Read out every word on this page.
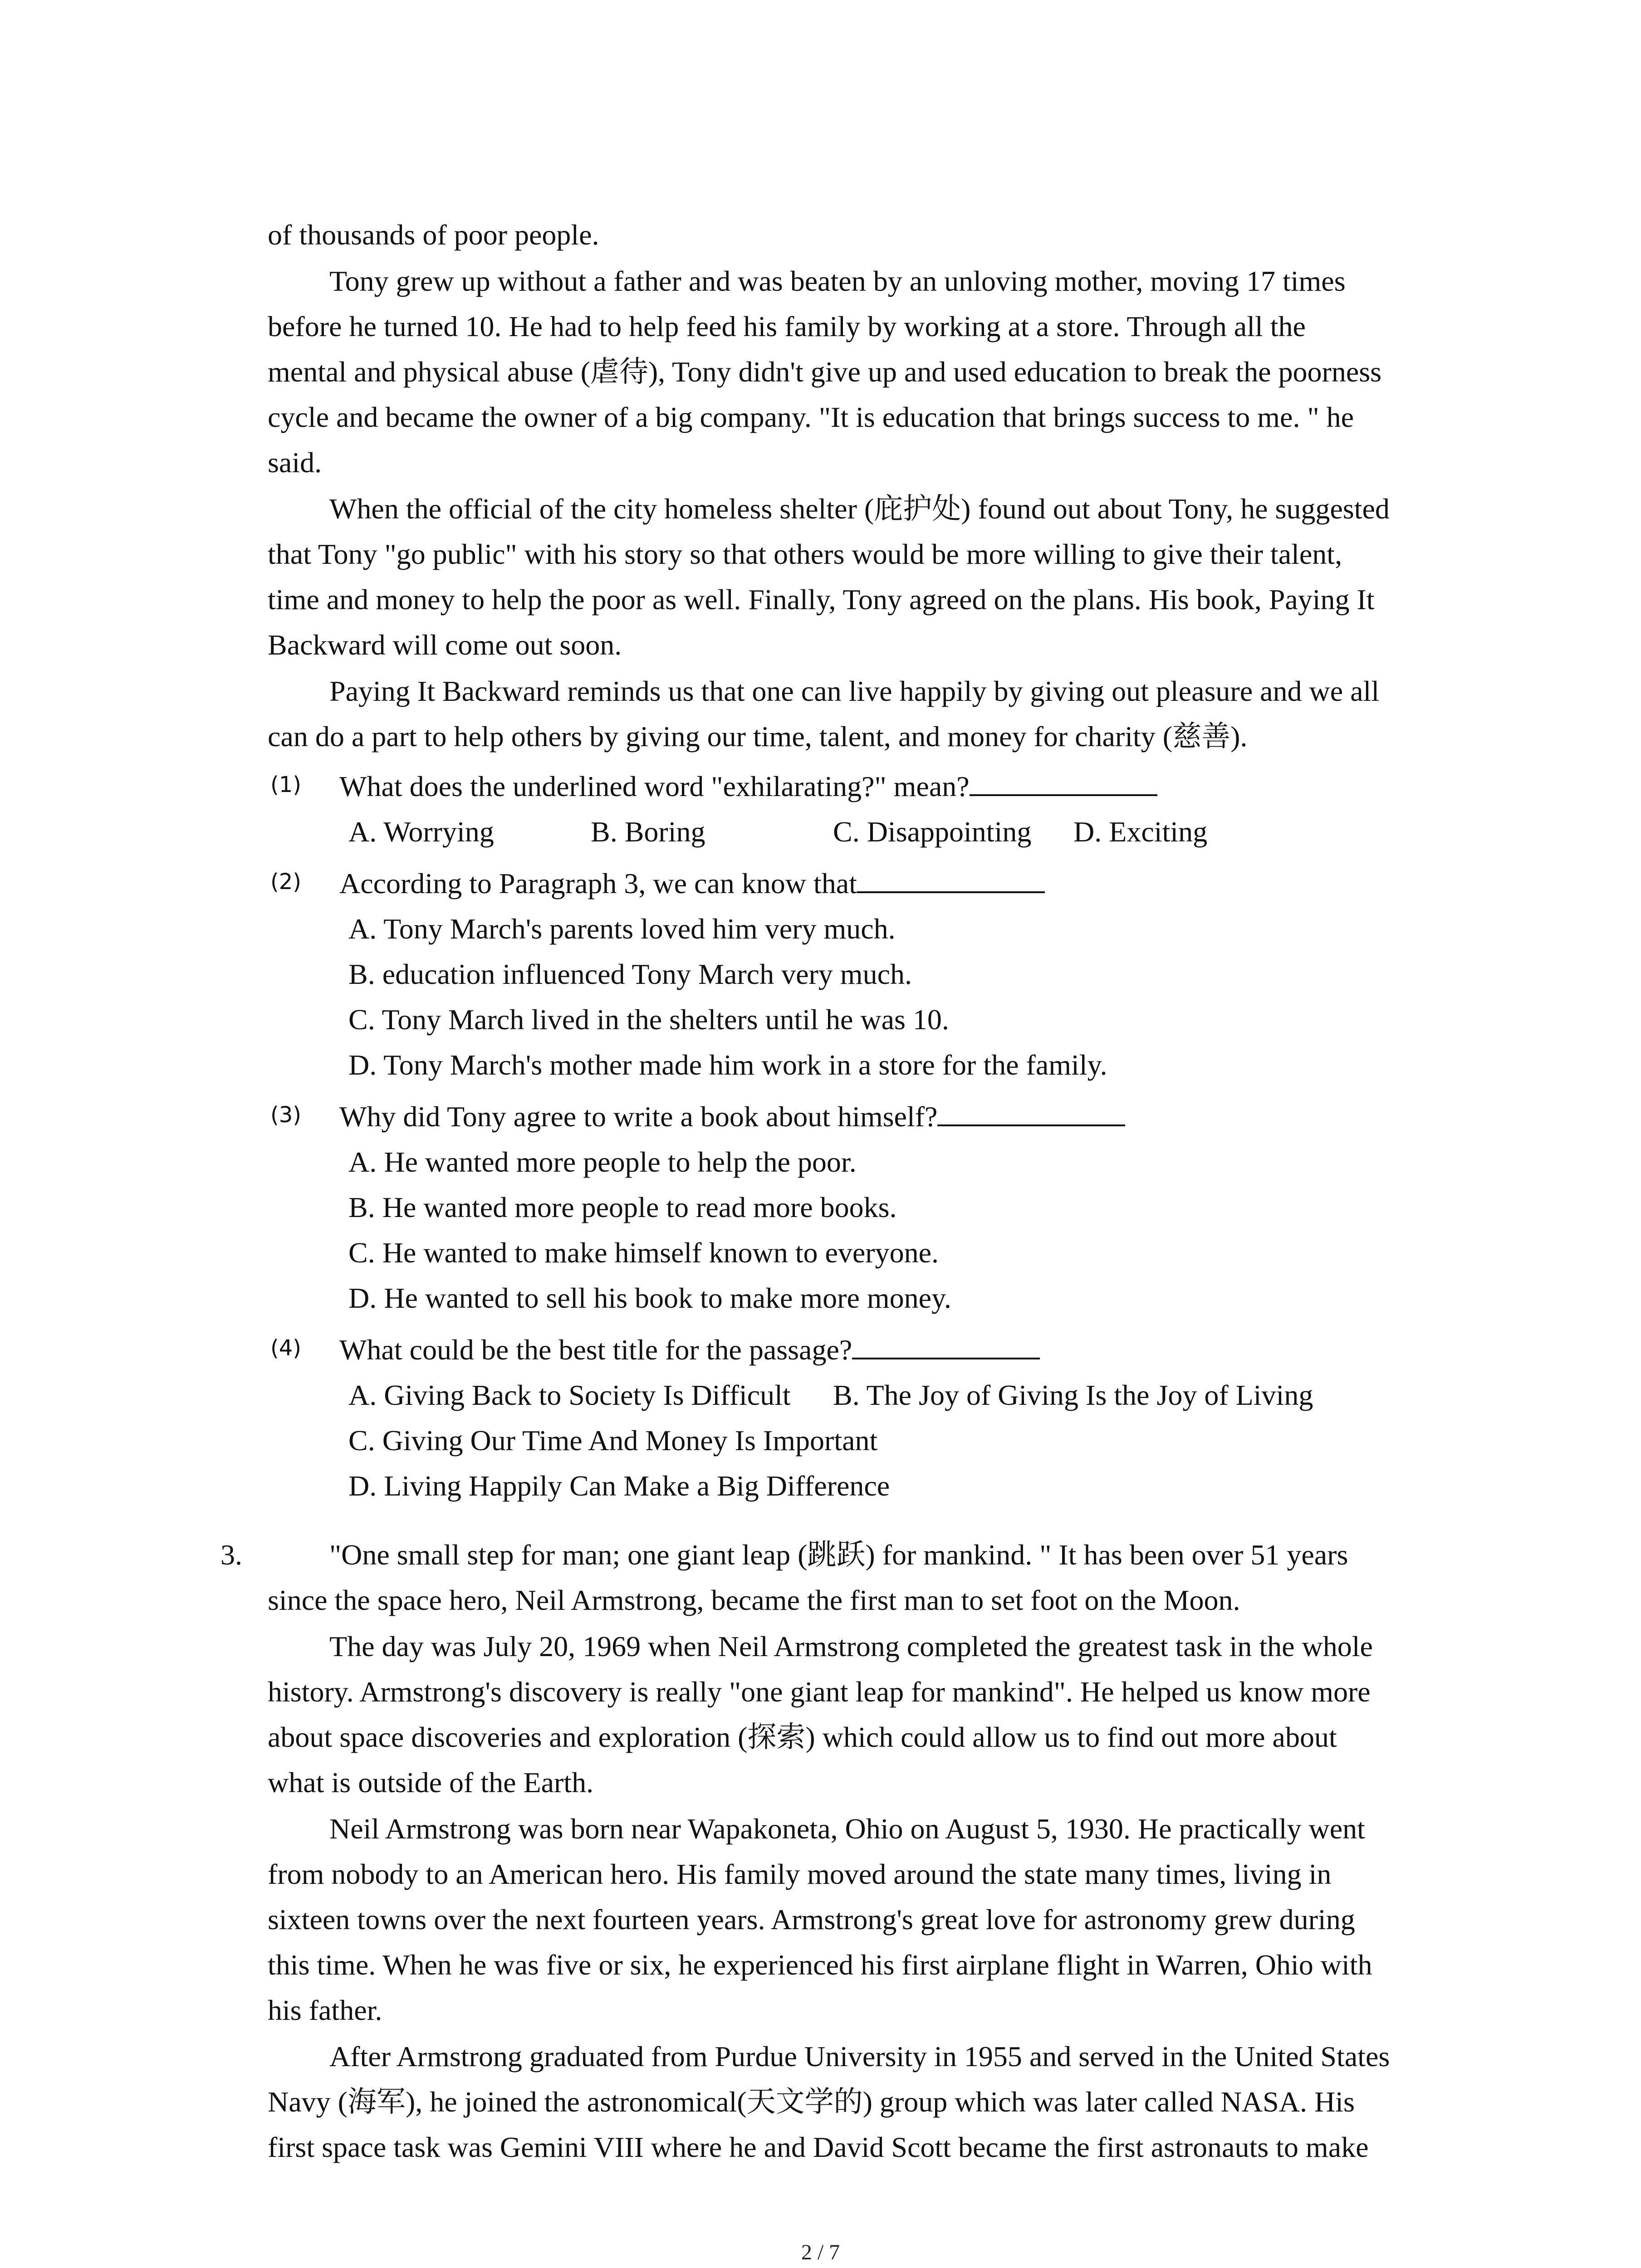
of thousands of poor people.
Tony grew up without a father and was beaten by an unloving mother, moving 17 times
before he turned 10. He had to help feed his family by working at a store. Through all the
mental and physical abuse (虐待), Tony didn't give up and used education to break the poorness
cycle and became the owner of a big company. "It is education that brings success to me. " he
said.
When the official of the city homeless shelter (庇护处) found out about Tony, he suggested
that Tony "go public" with his story so that others would be more willing to give their talent,
time and money to help the poor as well. Finally, Tony agreed on the plans. His book, Paying It
Backward will come out soon.
Paying It Backward reminds us that one can live happily by giving out pleasure and we all
can do a part to help others by giving our time, talent, and money for charity (慈善).
(1) What does the underlined word "exhilarating?" mean?
A. Worrying	B. Boring	C. Disappointing D. Exciting
(2) According to Paragraph 3, we can know that
A. Tony March's parents loved him very much.
B. education influenced Tony March very much.
C. Tony March lived in the shelters until he was 10.
D. Tony March's mother made him work in a store for the family.
(3) Why did Tony agree to write a book about himself?
A. He wanted more people to help the poor.
B. He wanted more people to read more books.
C. He wanted to make himself known to everyone.
D. He wanted to sell his book to make more money.
(4) What could be the best title for the passage?
A. Giving Back to Society Is Difficult B. The Joy of Giving Is the Joy of Living
C. Giving Our Time And Money Is Important
D. Living Happily Can Make a Big Difference
3.	"One small step for man; one giant leap (跳跃) for mankind. " It has been over 51 years
since the space hero, Neil Armstrong, became the first man to set foot on the Moon.
The day was July 20, 1969 when Neil Armstrong completed the greatest task in the whole
history. Armstrong's discovery is really "one giant leap for mankind". He helped us know more
about space discoveries and exploration (探索) which could allow us to find out more about
what is outside of the Earth.
Neil Armstrong was born near Wapakoneta, Ohio on August 5, 1930. He practically went
from nobody to an American hero. His family moved around the state many times, living in
sixteen towns over the next fourteen years. Armstrong's great love for astronomy grew during
this time. When he was five or six, he experienced his first airplane flight in Warren, Ohio with
his father.
After Armstrong graduated from Purdue University in 1955 and served in the United States
Navy (海军), he joined the astronomical(天文学的) group which was later called NASA. His
first space task was Gemini VIII where he and David Scott became the first astronauts to make
2 / 7
